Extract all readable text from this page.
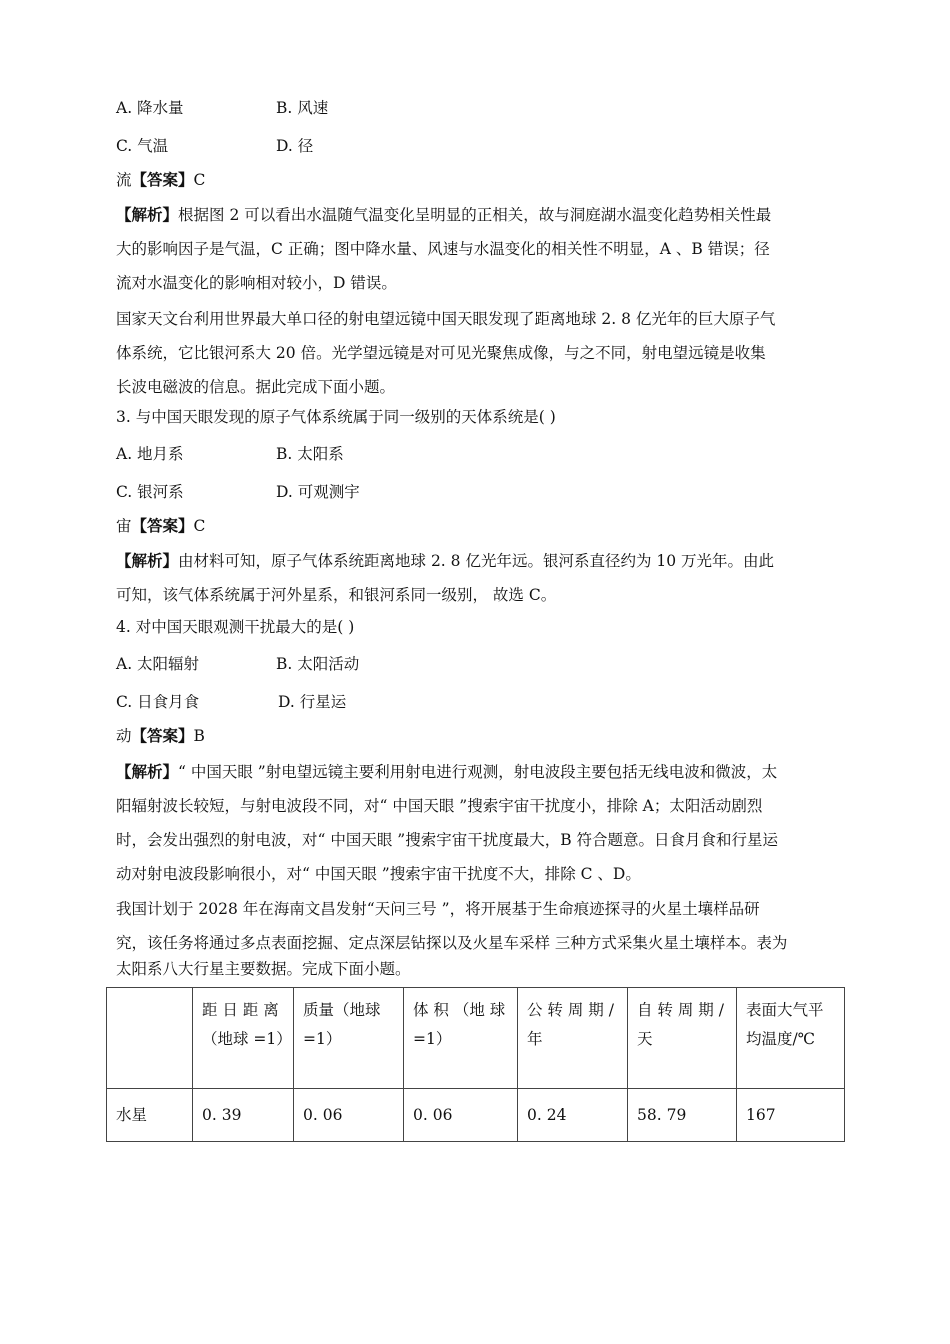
A. 降水量	B. 风速
C. 气温	D. 径
流【答案】C
【解析】根据图 2 可以看出水温随气温变化呈明显的正相关，故与洞庭湖水温变化趋势相关性最
大的影响因子是气温，C 正确；图中降水量、风速与水温变化的相关性不明显，A 、B 错误；径
流对水温变化的影响相对较小，D 错误。
国家天文台利用世界最大单口径的射电望远镜中国天眼发现了距离地球 2. 8 亿光年的巨大原子气
体系统，它比银河系大 20 倍。光学望远镜是对可见光聚焦成像，与之不同，射电望远镜是收集
长波电磁波的信息。据此完成下面小题。
3. 与中国天眼发现的原子气体系统属于同一级别的天体系统是( )
A. 地月系	B. 太阳系
C. 银河系	D. 可观测宇
宙【答案】C
【解析】由材料可知，原子气体系统距离地球 2. 8 亿光年远。银河系直径约为 10 万光年。由此
可知，该气体系统属于河外星系，和银河系同一级别， 故选 C。
4. 对中国天眼观测干扰最大的是( )
A. 太阳辐射	B. 太阳活动
C. 日食月食	D. 行星运
动【答案】B
【解析】“ 中国天眼 ”射电望远镜主要利用射电进行观测，射电波段主要包括无线电波和微波，太
阳辐射波长较短，与射电波段不同，对“ 中国天眼 ”搜索宇宙干扰度小，排除 A；太阳活动剧烈
时，会发出强烈的射电波，对“ 中国天眼 ”搜索宇宙干扰度最大，B 符合题意。日食月食和行星运
动对射电波段影响很小，对“ 中国天眼 ”搜索宇宙干扰度不大，排除 C 、D。
我国计划于 2028 年在海南文昌发射“天问三号 ”，将开展基于生命痕迹探寻的火星土壤样品研
究，该任务将通过多点表面挖掘、定点深层钻探以及火星车采样 三种方式采集火星土壤样本。表为
太阳系八大行星主要数据。完成下面小题。
	距 日 距 离（地球 =1）	质量（地球 =1）	体 积 （地 球 =1）	公 转 周 期 /年	自 转 周 期 /天	表面大气平 均温度/℃
水星	0. 39	0. 06	0. 06	0. 24	58. 79	167
